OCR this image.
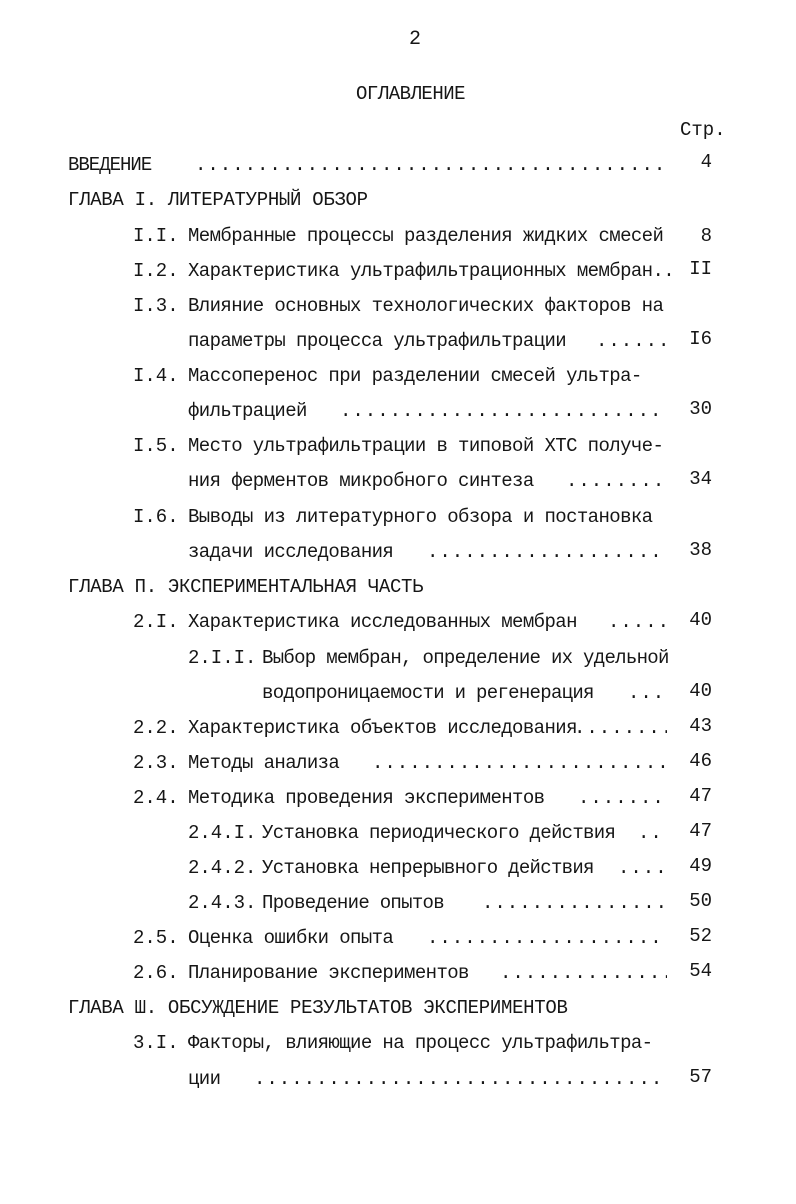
2
ОГЛАВЛЕНИЕ
Стр.
ВВЕДЕНИЕ .....	4
ГЛАВА I. ЛИТЕРАТУРНЫЙ ОБЗОР
I.I. Мембранные процессы разделения жидких смесей	8
I.2. Характеристика ультрафильтрационных мембран.. II
I.3. Влияние основных технологических факторов на
параметры процесса ультрафильтрации .....	I6
I.4. Массоперенос при разделении смесей ультра-
фильтрацией .....	30
I.5. Место ультрафильтрации в типовой ХТС получе-
ния ферментов микробного синтеза .....	34
I.6. Выводы из литературного обзора и постановка
задачи исследования .....	38
ГЛАВА П. ЭКСПЕРИМЕНТАЛЬНАЯ ЧАСТЬ
2.I. Характеристика исследованных мембран .....	40
2.I.I. Выбор мембран, определение их удельной
водопроницаемости и регенерация .....	40
2.2. Характеристика объектов исследования .....	43
2.3. Методы анализа .....	46
2.4. Методика проведения экспериментов .....	47
2.4.I. Установка периодического действия .....	47
2.4.2. Установка непрерывного действия .....	49
2.4.3. Проведение опытов .....	50
2.5. Оценка ошибки опыта .....	52
2.6. Планирование экспериментов .....	54
ГЛАВА Ш. ОБСУЖДЕНИЕ РЕЗУЛЬТАТОВ ЭКСПЕРИМЕНТОВ
3.I. Факторы, влияющие на процесс ультрафильтра-
ции .....	57
